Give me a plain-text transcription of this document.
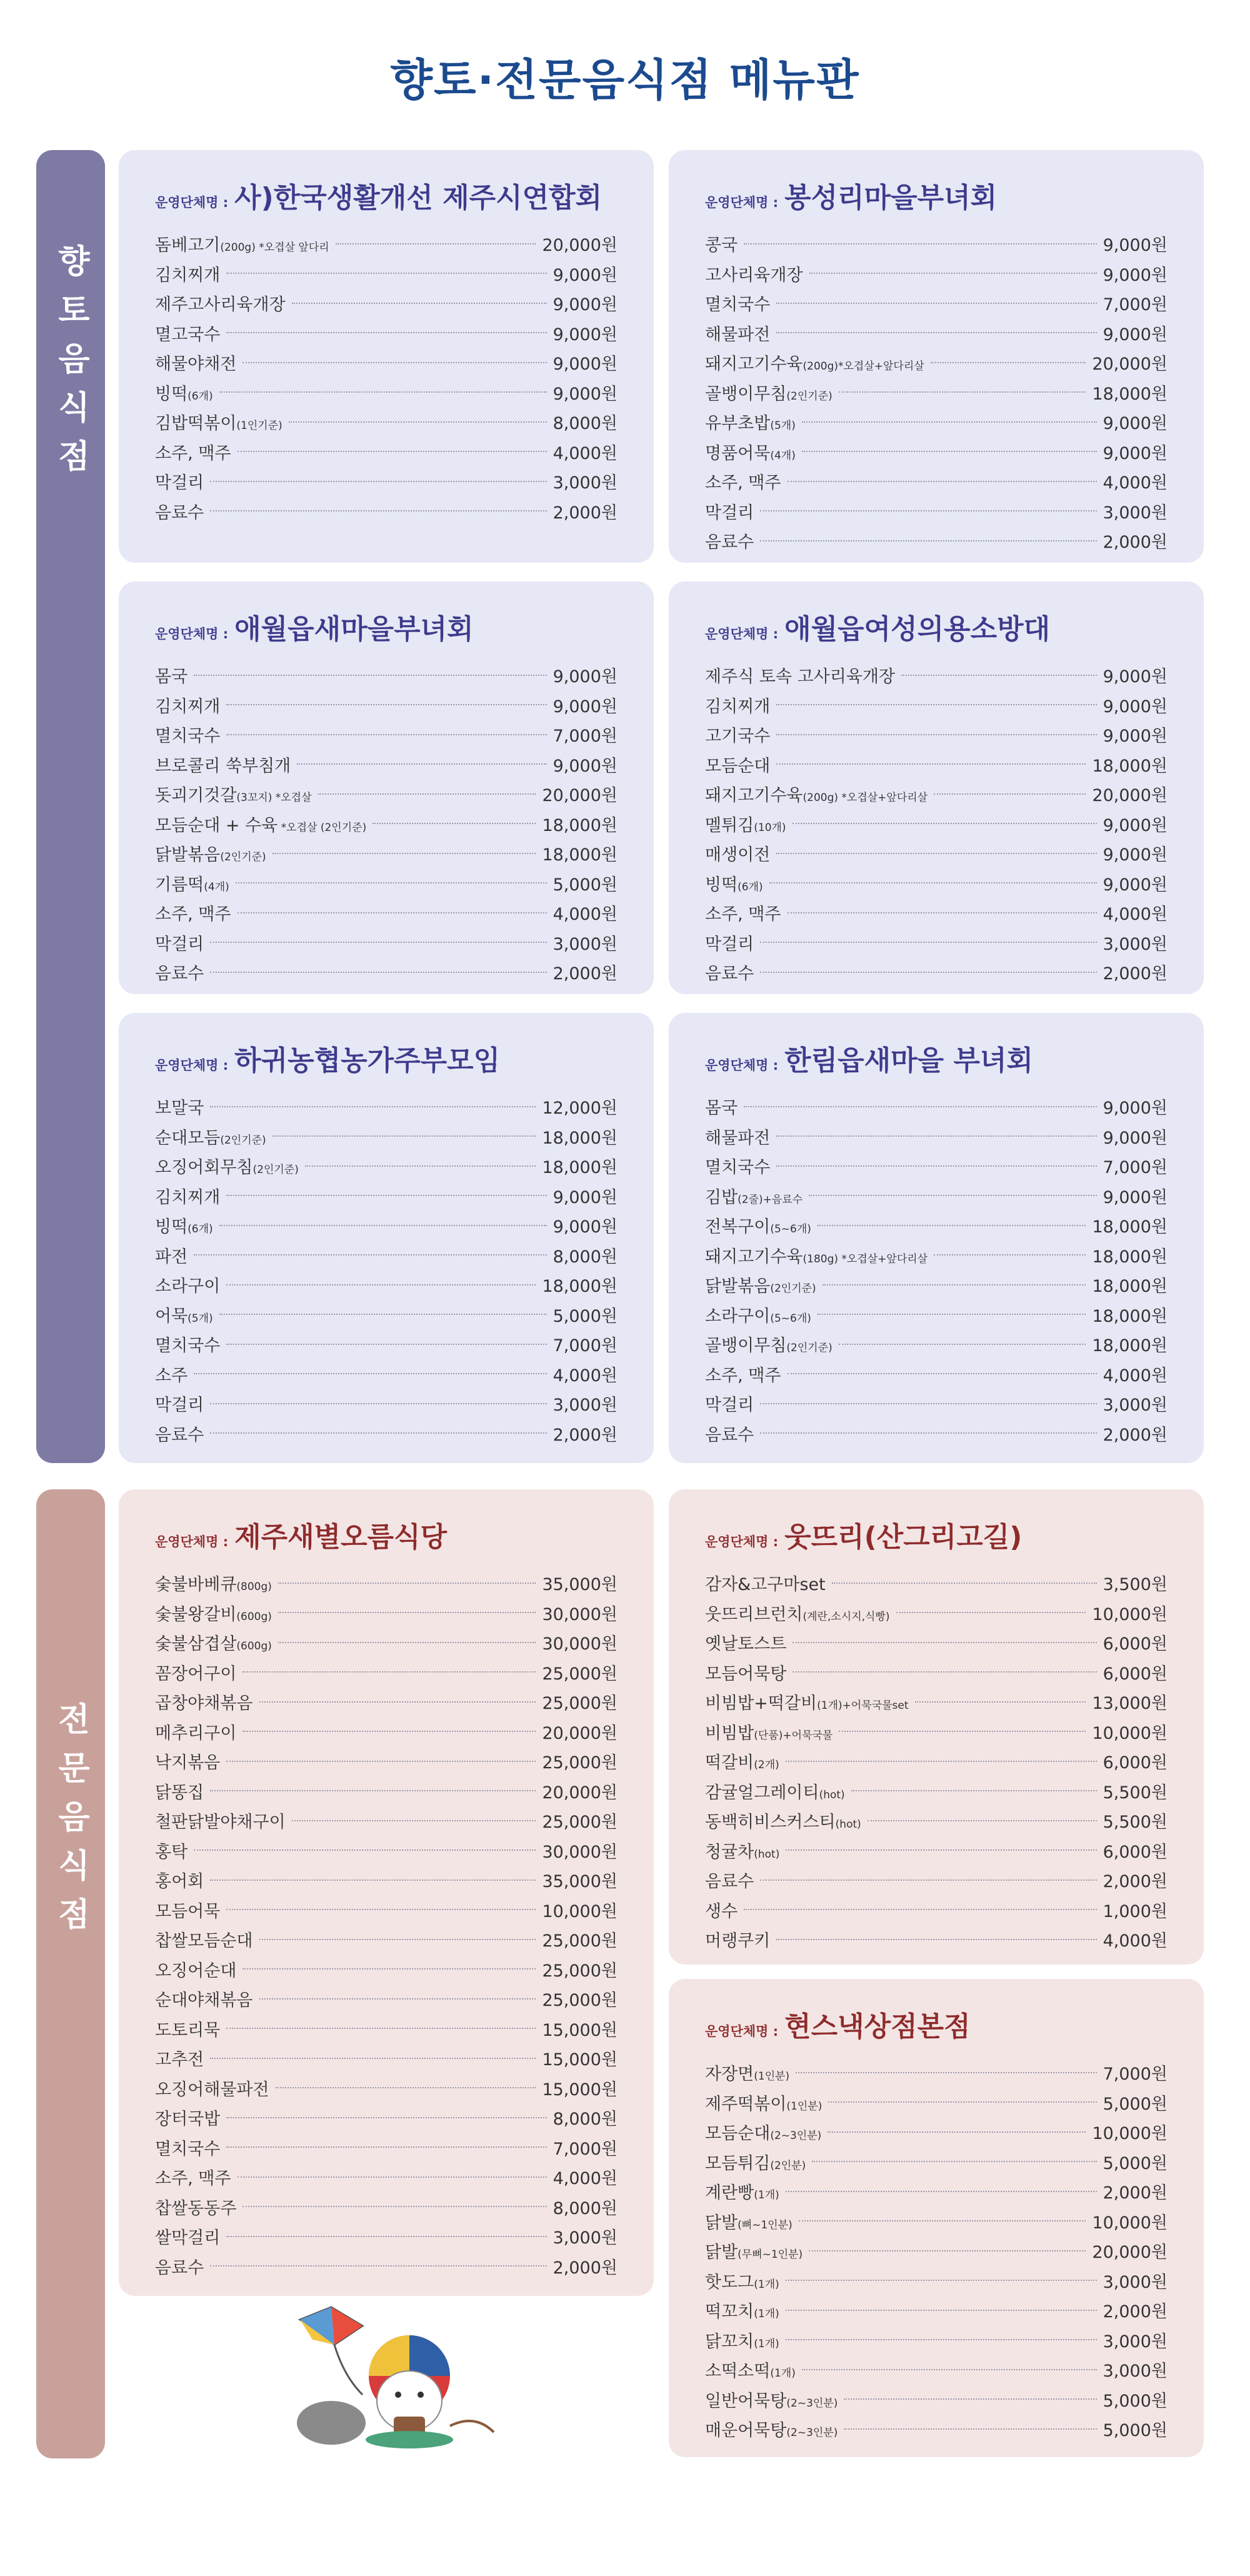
향토·전문음식점 메뉴판
향토음식점
전문음식점
운영단체명 : 사)한국생활개선 제주시연합회
돔베고기(200g) *오겹살 앞다리	20,000원
김치찌개	9,000원
제주고사리육개장	9,000원
멸고국수	9,000원
해물야채전	9,000원
빙떡(6개)	9,000원
김밥떡볶이(1인기준)	8,000원
소주, 맥주	4,000원
막걸리	3,000원
음료수	2,000원
운영단체명 : 봉성리마을부녀회
콩국	9,000원
고사리육개장	9,000원
멸치국수	7,000원
해물파전	9,000원
돼지고기수육(200g)*오겹살+앞다리살	20,000원
골뱅이무침(2인기준)	18,000원
유부초밥(5개)	9,000원
명품어묵(4개)	9,000원
소주, 맥주	4,000원
막걸리	3,000원
음료수	2,000원
운영단체명 : 애월읍새마을부녀회
몸국	9,000원
김치찌개	9,000원
멸치국수	7,000원
브로콜리 쑥부침개	9,000원
돗괴기것갈(3꼬지) *오겹살	20,000원
모듬순대 + 수육 *오겹살 (2인기준)	18,000원
닭발볶음(2인기준)	18,000원
기름떡(4개)	5,000원
소주, 맥주	4,000원
막걸리	3,000원
음료수	2,000원
운영단체명 : 애월읍여성의용소방대
제주식 토속 고사리육개장	9,000원
김치찌개	9,000원
고기국수	9,000원
모듬순대	18,000원
돼지고기수육(200g) *오겹살+앞다리살	20,000원
멜튀김(10개)	9,000원
매생이전	9,000원
빙떡(6개)	9,000원
소주, 맥주	4,000원
막걸리	3,000원
음료수	2,000원
운영단체명 : 하귀농협농가주부모임
보말국	12,000원
순대모듬(2인기준)	18,000원
오징어회무침(2인기준)	18,000원
김치찌개	9,000원
빙떡(6개)	9,000원
파전	8,000원
소라구이	18,000원
어묵(5개)	5,000원
멸치국수	7,000원
소주	4,000원
막걸리	3,000원
음료수	2,000원
운영단체명 : 한림읍새마을 부녀회
몸국	9,000원
해물파전	9,000원
멸치국수	7,000원
김밥(2줄)+음료수	9,000원
전복구이(5~6개)	18,000원
돼지고기수육(180g) *오겹살+앞다리살	18,000원
닭발볶음(2인기준)	18,000원
소라구이(5~6개)	18,000원
골뱅이무침(2인기준)	18,000원
소주, 맥주	4,000원
막걸리	3,000원
음료수	2,000원
운영단체명 : 제주새별오름식당
숯불바베큐(800g)	35,000원
숯불왕갈비(600g)	30,000원
숯불삼겹살(600g)	30,000원
꼼장어구이	25,000원
곱창야채볶음	25,000원
메추리구이	20,000원
낙지볶음	25,000원
닭똥집	20,000원
철판닭발야채구이	25,000원
홍탁	30,000원
홍어회	35,000원
모듬어묵	10,000원
찹쌀모듬순대	25,000원
오징어순대	25,000원
순대야채볶음	25,000원
도토리묵	15,000원
고추전	15,000원
오징어해물파전	15,000원
장터국밥	8,000원
멸치국수	7,000원
소주, 맥주	4,000원
찹쌀동동주	8,000원
쌀막걸리	3,000원
음료수	2,000원
운영단체명 : 웃뜨리(산그리고길)
감자&고구마set	3,500원
웃뜨리브런치(계란,소시지,식빵)	10,000원
옛날토스트	6,000원
모듬어묵탕	6,000원
비빔밥+떡갈비(1개)+어묵국물set	13,000원
비빔밥(단품)+어묵국물	10,000원
떡갈비(2개)	6,000원
감귤얼그레이티(hot)	5,500원
동백히비스커스티(hot)	5,500원
청귤차(hot)	6,000원
음료수	2,000원
생수	1,000원
머랭쿠키	4,000원
운영단체명 : 현스낵상점본점
자장면(1인분)	7,000원
제주떡볶이(1인분)	5,000원
모듬순대(2~3인분)	10,000원
모듬튀김(2인분)	5,000원
계란빵(1개)	2,000원
닭발(뼈~1인분)	10,000원
닭발(무뼈~1인분)	20,000원
핫도그(1개)	3,000원
떡꼬치(1개)	2,000원
닭꼬치(1개)	3,000원
소떡소떡(1개)	3,000원
일반어묵탕(2~3인분)	5,000원
매운어묵탕(2~3인분)	5,000원
